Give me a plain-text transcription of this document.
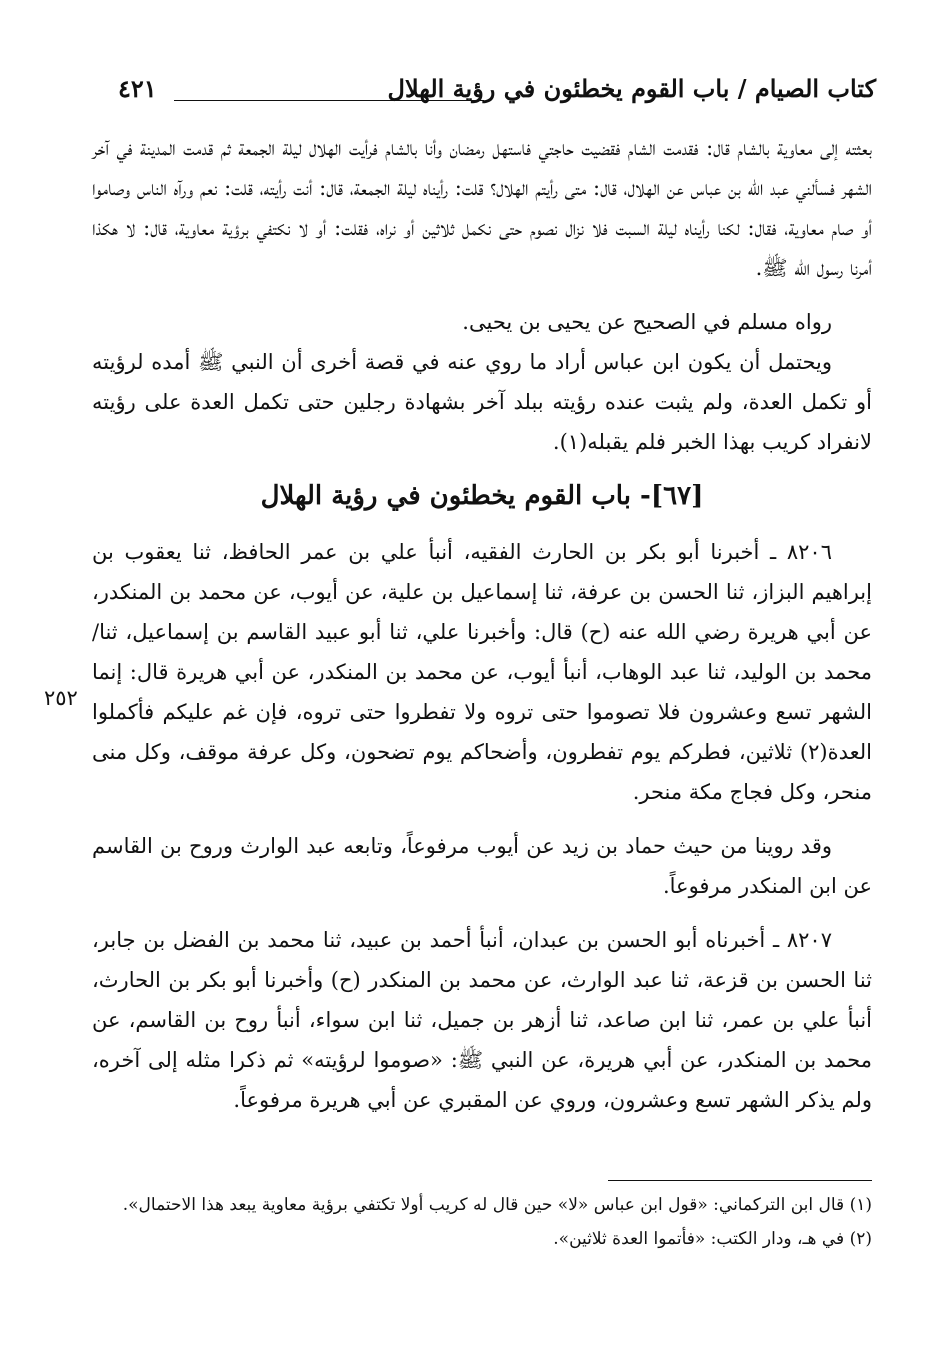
كتاب الصيام / باب القوم يخطئون في رؤية الهلال
٤٢١

بعثته إلى معاوية بالشام قال: فقدمت الشام فقضيت حاجتي فاستهل رمضان وأنا بالشام فرأيت الهلال ليلة الجمعة ثم قدمت المدينة في آخر الشهر فسألني عبد الله بن عباس عن الهلال، قال: متى رأيتم الهلال؟ قلت: رأيناه ليلة الجمعة، قال: أنت رأيته، قلت: نعم ورآه الناس وصاموا أو صام معاوية، فقال: لكنا رأيناه ليلة السبت فلا نزال نصوم حتى نكمل ثلاثين أو نراه، فقلت: أو لا نكتفي برؤية معاوية، قال: لا هكذا أمرنا رسول الله ﷺ.

رواه مسلم في الصحيح عن يحيى بن يحيى.

ويحتمل أن يكون ابن عباس أراد ما روي عنه في قصة أخرى أن النبي ﷺ أمده لرؤيته أو تكمل العدة، ولم يثبت عنده رؤيته ببلد آخر بشهادة رجلين حتى تكمل العدة على رؤيته لانفراد كريب بهذا الخبر فلم يقبله(١).

[٦٧]- باب القوم يخطئون في رؤية الهلال

٨٢٠٦ ـ أخبرنا أبو بكر بن الحارث الفقيه، أنبأ علي بن عمر الحافظ، ثنا يعقوب بن إبراهيم البزاز، ثنا الحسن بن عرفة، ثنا إسماعيل بن علية، عن أيوب، عن محمد بن المنكدر، عن أبي هريرة رضي الله عنه (ح) قال: وأخبرنا علي، ثنا أبو عبيد القاسم بن إسماعيل، ثنا/ محمد بن الوليد، ثنا عبد الوهاب، أنبأ أيوب، عن محمد بن المنكدر، عن أبي هريرة قال: إنما الشهر تسع وعشرون فلا تصوموا حتى تروه ولا تفطروا حتى تروه، فإن غم عليكم فأكملوا العدة(٢) ثلاثين، فطركم يوم تفطرون، وأضحاكم يوم تضحون، وكل عرفة موقف، وكل منى منحر، وكل فجاج مكة منحر.

وقد روينا من حيث حماد بن زيد عن أيوب مرفوعاً، وتابعه عبد الوارث وروح بن القاسم عن ابن المنكدر مرفوعاً.

٨٢٠٧ ـ أخبرناه أبو الحسن بن عبدان، أنبأ أحمد بن عبيد، ثنا محمد بن الفضل بن جابر، ثنا الحسن بن قزعة، ثنا عبد الوارث، عن محمد بن المنكدر (ح) وأخبرنا أبو بكر بن الحارث، أنبأ علي بن عمر، ثنا ابن صاعد، ثنا أزهر بن جميل، ثنا ابن سواء، أنبأ روح بن القاسم، عن محمد بن المنكدر، عن أبي هريرة، عن النبي ﷺ: «صوموا لرؤيته» ثم ذكرا مثله إلى آخره، ولم يذكر الشهر تسع وعشرون، وروي عن المقبري عن أبي هريرة مرفوعاً.

٢٥٢

(١) قال ابن التركماني: «قول ابن عباس «لا» حين قال له كريب أولا تكتفي برؤية معاوية يبعد هذا الاحتمال».

(٢) في هـ، ودار الكتب: «فأتموا العدة ثلاثين».
